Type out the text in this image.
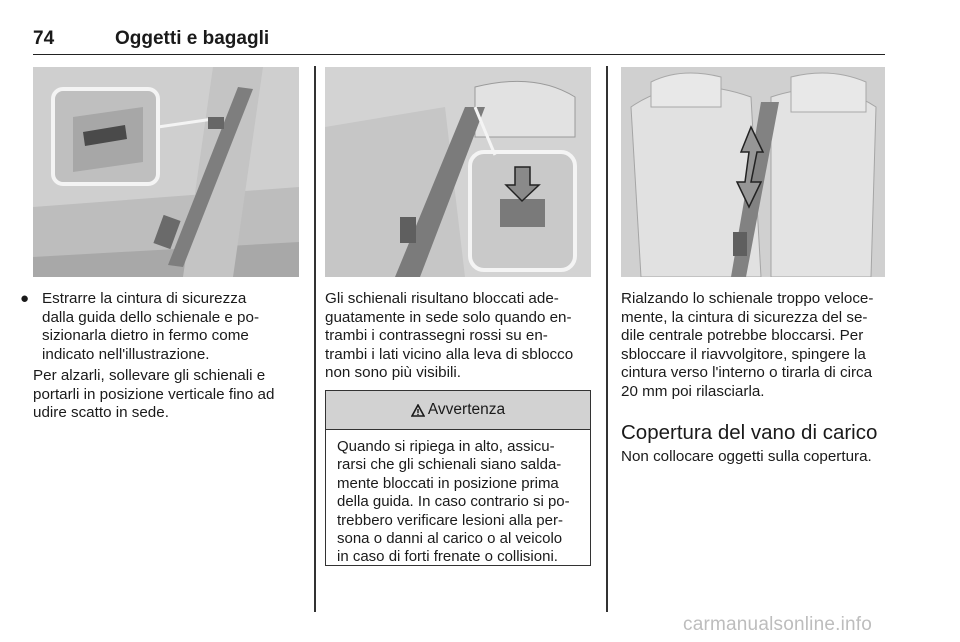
74	Oggetti e bagagli
● Estrarre la cintura di sicurezza
dalla guida dello schienale e po-
sizionarla dietro in fermo come
indicato nell'illustrazione.
Per alzarli, sollevare gli schienali e
portarli in posizione verticale fino ad
udire scatto in sede.
Gli schienali risultano bloccati ade-
guatamente in sede solo quando en-
trambi i contrassegni rossi su en-
trambi i lati vicino alla leva di sblocco
non sono più visibili.
Avvertenza
Quando si ripiega in alto, assicu-
rarsi che gli schienali siano salda-
mente bloccati in posizione prima
della guida. In caso contrario si po-
trebbero verificare lesioni alla per-
sona o danni al carico o al veicolo
in caso di forti frenate o collisioni.
Rialzando lo schienale troppo veloce-
mente, la cintura di sicurezza del se-
dile centrale potrebbe bloccarsi. Per
sbloccare il riavvolgitore, spingere la
cintura verso l'interno o tirarla di circa
20 mm poi rilasciarla.
Copertura del vano di carico
Non collocare oggetti sulla copertura.
carmanualsonline.info
